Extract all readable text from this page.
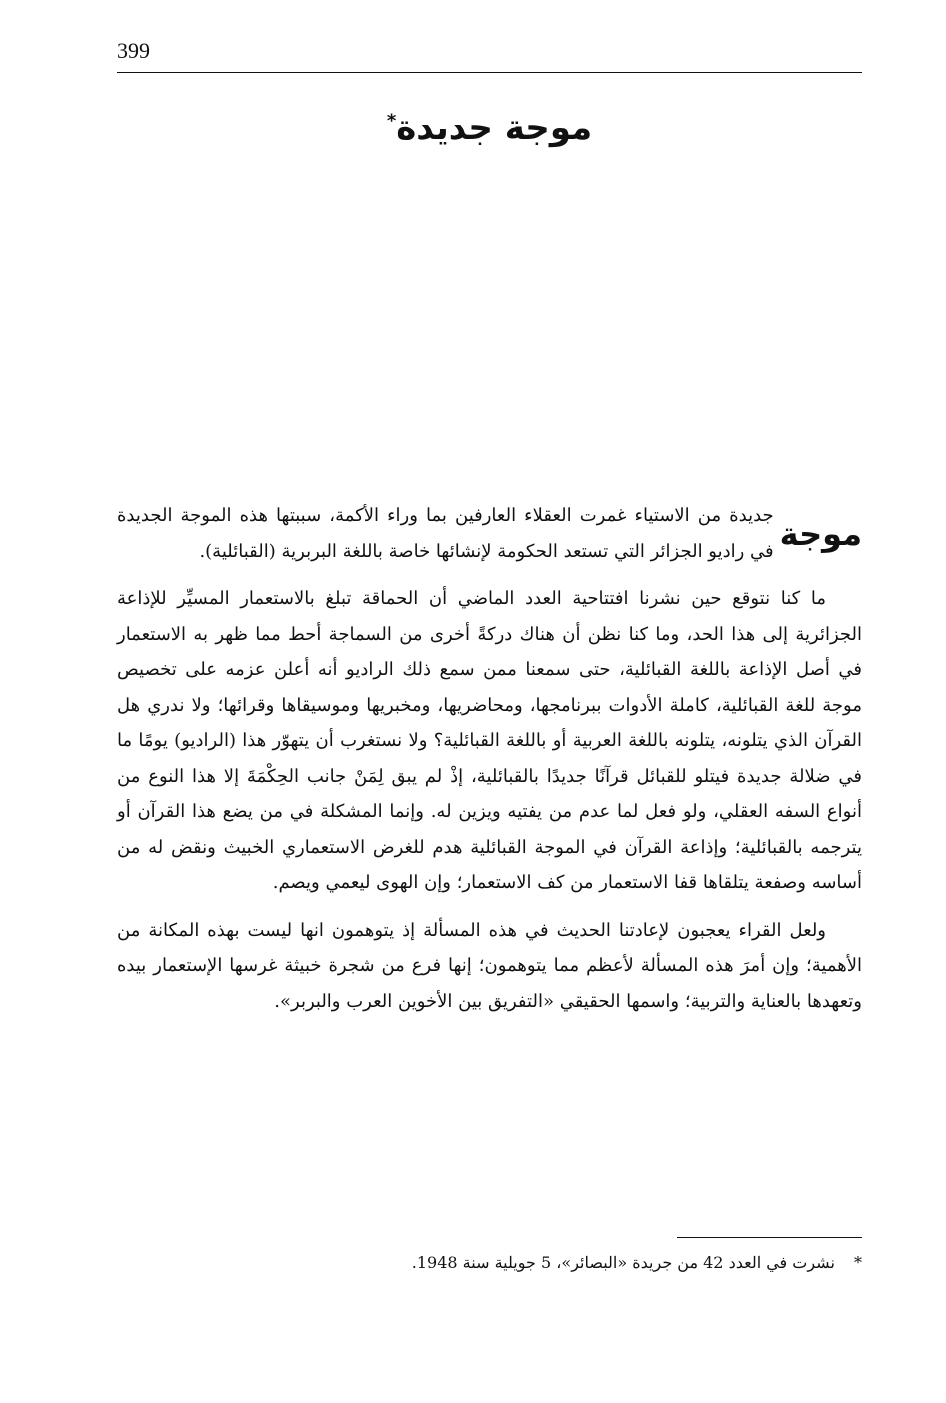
399
موجة جديدة*

موجة
جديدة من الاستياء غمرت العقلاء العارفين بما وراء الأكمة، سببتها هذه الموجة الجديدة في راديو الجزائر التي تستعد الحكومة لإنشائها خاصة باللغة البربرية (القبائلية).

ما كنا نتوقع حين نشرنا افتتاحية العدد الماضي أن الحماقة تبلغ بالاستعمار المسيِّر للإذاعة الجزائرية إلى هذا الحد، وما كنا نظن أن هناك دركةً أخرى من السماجة أحط مما ظهر به الاستعمار في أصل الإذاعة باللغة القبائلية، حتى سمعنا ممن سمع ذلك الراديو أنه أعلن عزمه على تخصيص موجة للغة القبائلية، كاملة الأدوات ببرنامجها، ومحاضريها، ومخبريها وموسيقاها وقرائها؛ ولا ندري هل القرآن الذي يتلونه، يتلونه باللغة العربية أو باللغة القبائلية؟ ولا نستغرب أن يتهوّر هذا (الراديو) يومًا ما في ضلالة جديدة فيتلو للقبائل قرآنًا جديدًا بالقبائلية، إذْ لم يبق لِمَنْ جانب الحِكْمَةَ إلا هذا النوع من أنواع السفه العقلي، ولو فعل لما عدم من يفتيه ويزين له. وإنما المشكلة في من يضع هذا القرآن أو يترجمه بالقبائلية؛ وإذاعة القرآن في الموجة القبائلية هدم للغرض الاستعماري الخبيث ونقض له من أساسه وصفعة يتلقاها قفا الاستعمار من كف الاستعمار؛ وإن الهوى ليعمي ويصم.

ولعل القراء يعجبون لإعادتنا الحديث في هذه المسألة إذ يتوهمون انها ليست بهذه المكانة من الأهمية؛ وإن أمرَ هذه المسألة لأعظم مما يتوهمون؛ إنها فرع من شجرة خبيثة غرسها الإستعمار بيده وتعهدها بالعناية والتربية؛ واسمها الحقيقي «التفريق بين الأخوين العرب والبربر».

* نشرت في العدد 42 من جريدة «البصائر»، 5 جويلية سنة 1948.
